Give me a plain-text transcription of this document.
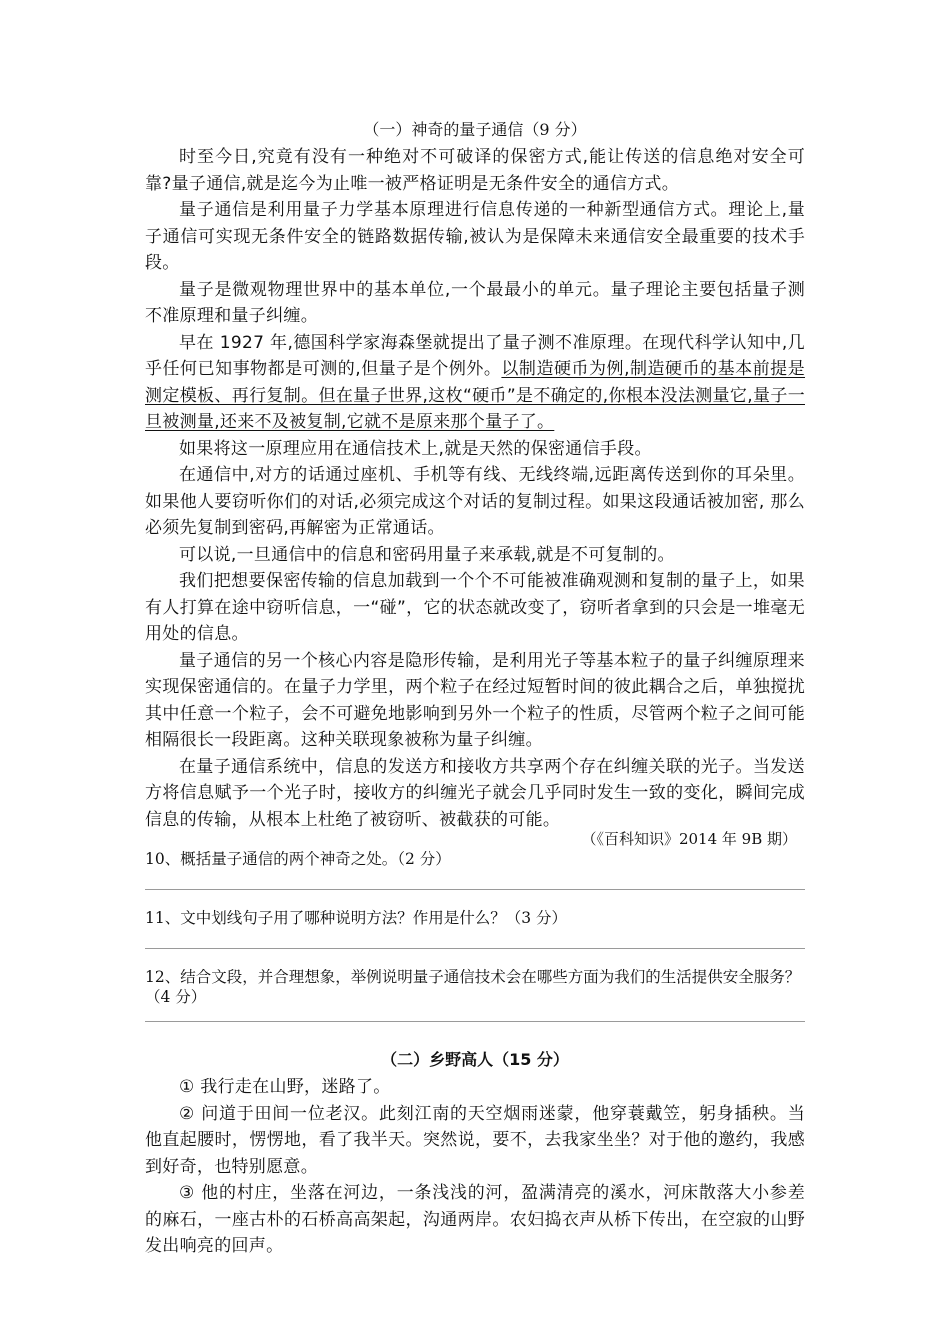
（一）神奇的量子通信（9 分）

时至今日,究竟有没有一种绝对不可破译的保密方式,能让传送的信息绝对安全可靠?量子通信,就是迄今为止唯一被严格证明是无条件安全的通信方式。

量子通信是利用量子力学基本原理进行信息传递的一种新型通信方式。理论上,量子通信可实现无条件安全的链路数据传输,被认为是保障未来通信安全最重要的技术手段。

量子是微观物理世界中的基本单位,一个最最小的单元。量子理论主要包括量子测不准原理和量子纠缠。

早在 1927 年,德国科学家海森堡就提出了量子测不准原理。在现代科学认知中,几乎任何已知事物都是可测的,但量子是个例外。以制造硬币为例,制造硬币的基本前提是测定模板、再行复制。但在量子世界,这枚“硬币”是不确定的,你根本没法测量它,量子一旦被测量,还来不及被复制,它就不是原来那个量子了。

如果将这一原理应用在通信技术上,就是天然的保密通信手段。

在通信中,对方的话通过座机、手机等有线、无线终端,远距离传送到你的耳朵里。如果他人要窃听你们的对话,必须完成这个对话的复制过程。如果这段通话被加密, 那么必须先复制到密码,再解密为正常通话。

可以说,一旦通信中的信息和密码用量子来承载,就是不可复制的。

我们把想要保密传输的信息加载到一个个不可能被准确观测和复制的量子上，如果有人打算在途中窃听信息，一“碰”，它的状态就改变了，窃听者拿到的只会是一堆毫无用处的信息。

量子通信的另一个核心内容是隐形传输，是利用光子等基本粒子的量子纠缠原理来实现保密通信的。在量子力学里，两个粒子在经过短暂时间的彼此耦合之后，单独搅扰其中任意一个粒子，会不可避免地影响到另外一个粒子的性质，尽管两个粒子之间可能相隔很长一段距离。这种关联现象被称为量子纠缠。

在量子通信系统中，信息的发送方和接收方共享两个存在纠缠关联的光子。当发送方将信息赋予一个光子时，接收方的纠缠光子就会几乎同时发生一致的变化，瞬间完成信息的传输，从根本上杜绝了被窃听、被截获的可能。

（《百科知识》2014 年 9B 期）

10、概括量子通信的两个神奇之处。（2 分）

11、文中划线句子用了哪种说明方法？作用是什么？（3 分）

12、结合文段，并合理想象，举例说明量子通信技术会在哪些方面为我们的生活提供安全服务？（4 分）

（二）乡野高人（15 分）

① 我行走在山野，迷路了。

② 问道于田间一位老汉。此刻江南的天空烟雨迷蒙，他穿蓑戴笠，躬身插秧。当他直起腰时，愣愣地，看了我半天。突然说，要不，去我家坐坐？对于他的邀约，我感到好奇，也特别愿意。

③ 他的村庄，坐落在河边，一条浅浅的河，盈满清亮的溪水，河床散落大小参差的麻石，一座古朴的石桥高高架起，沟通两岸。农妇捣衣声从桥下传出，在空寂的山野发出响亮的回声。
